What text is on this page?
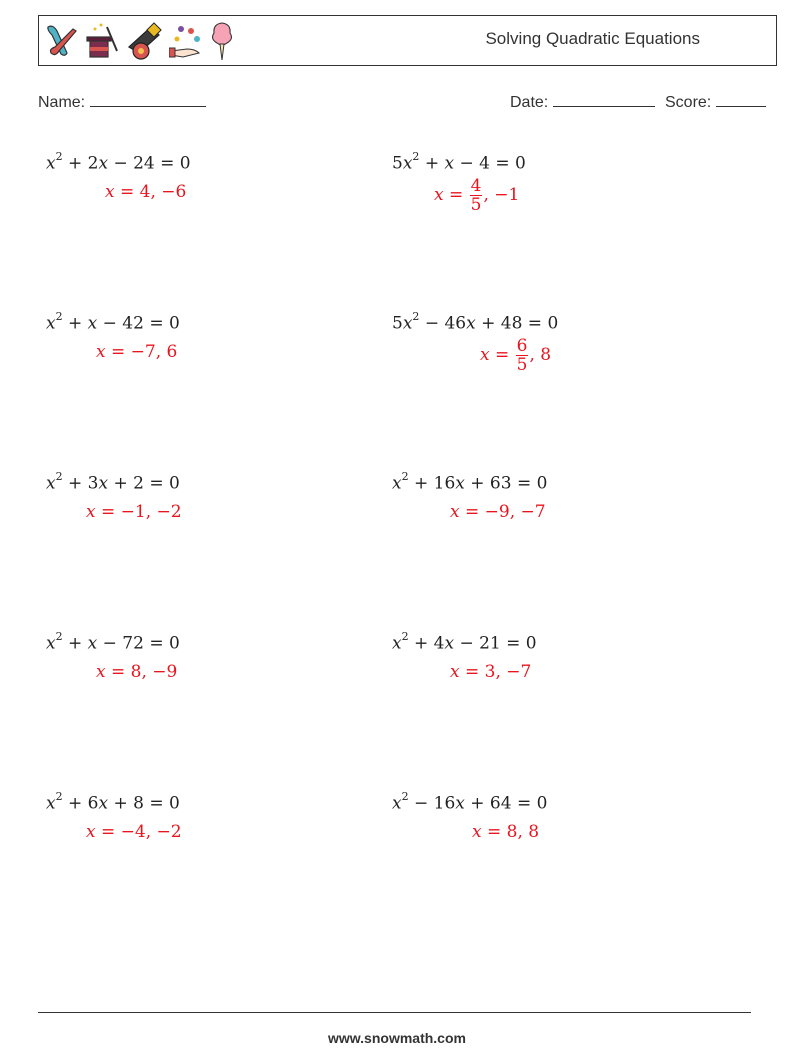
Solving Quadratic Equations
Name:	Date:	Score:
$x^2 + 2x - 24 = 0$
x = 4, −6
$5x^2 + x - 4 = 0$
$x = \frac{4}{5}$ , −1
$x^2 + x - 42 = 0$
x = −7, 6
$5x^2 - 46x + 48 = 0$
$x = \frac{6}{5}$ , 8
$x^2 + 3x + 2 = 0$
x = −1, −2
$x^2 + 16x + 63 = 0$
x = −9, −7
$x^2 + x - 72 = 0$
x = 8, −9
$x^2 + 4x - 21 = 0$
x = 3, −7
$x^2 + 6x + 8 = 0$
x = −4, −2
$x^2 - 16x + 64 = 0$
x = 8, 8
www.snowmath.com
